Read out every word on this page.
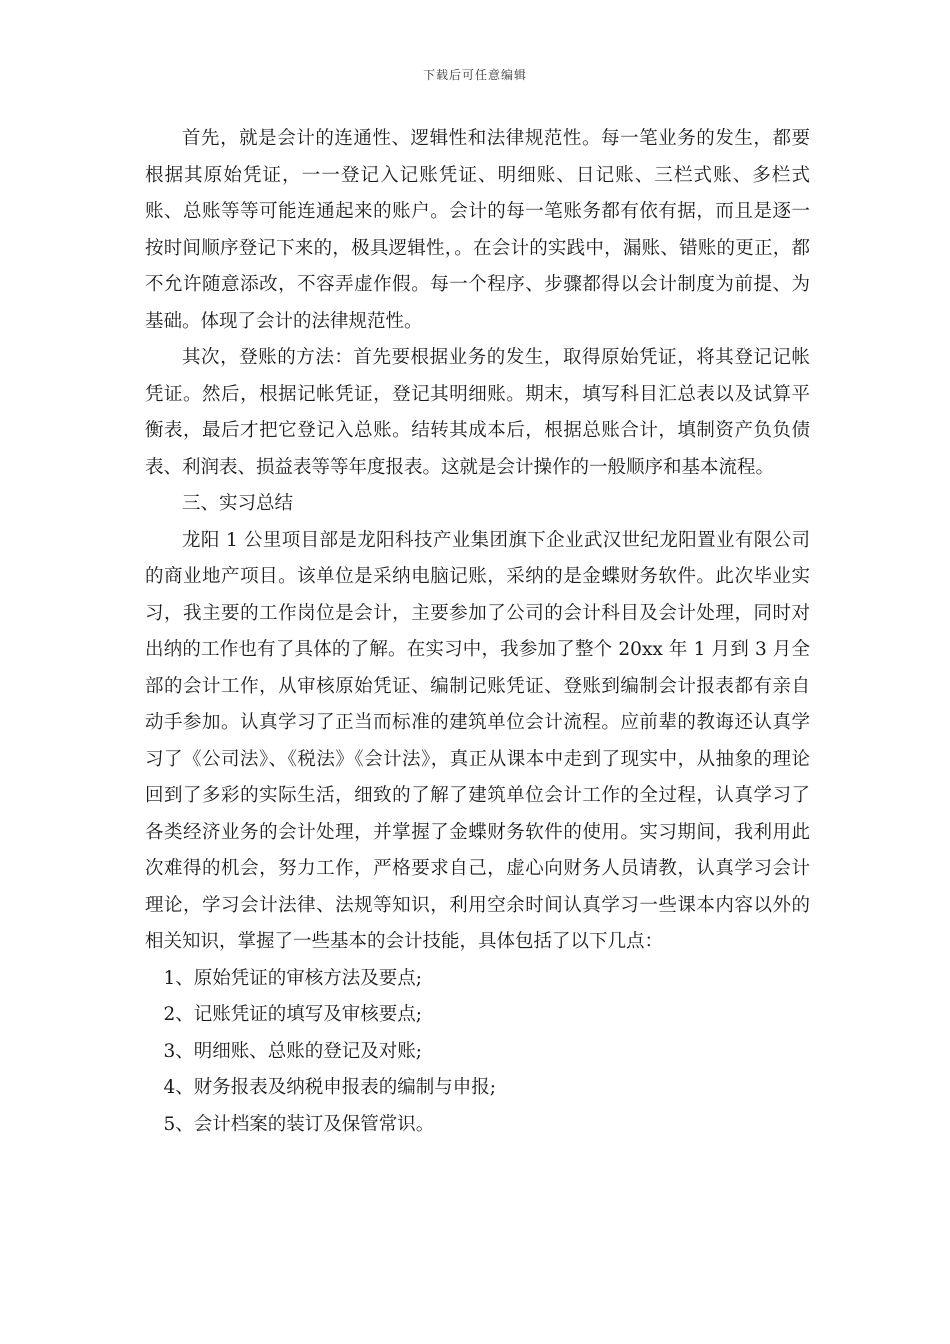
下载后可任意编辑

首先，就是会计的连通性、逻辑性和法律规范性。每一笔业务的发生，都要根据其原始凭证，一一登记入记账凭证、明细账、日记账、三栏式账、多栏式账、总账等等可能连通起来的账户。会计的每一笔账务都有依有据，而且是逐一按时间顺序登记下来的，极具逻辑性，。在会计的实践中，漏账、错账的更正，都不允许随意添改，不容弄虚作假。每一个程序、步骤都得以会计制度为前提、为基础。体现了会计的法律规范性。

其次，登账的方法：首先要根据业务的发生，取得原始凭证，将其登记记帐凭证。然后，根据记帐凭证，登记其明细账。期末，填写科目汇总表以及试算平衡表，最后才把它登记入总账。结转其成本后，根据总账合计，填制资产负负债表、利润表、损益表等等年度报表。这就是会计操作的一般顺序和基本流程。

三、实习总结

龙阳 1 公里项目部是龙阳科技产业集团旗下企业武汉世纪龙阳置业有限公司的商业地产项目。该单位是采纳电脑记账，采纳的是金蝶财务软件。此次毕业实习，我主要的工作岗位是会计，主要参加了公司的会计科目及会计处理，同时对出纳的工作也有了具体的了解。在实习中，我参加了整个 20xx 年 1 月到 3 月全部的会计工作，从审核原始凭证、编制记账凭证、登账到编制会计报表都有亲自动手参加。认真学习了正当而标准的建筑单位会计流程。应前辈的教诲还认真学习了《公司法》、《税法》《会计法》，真正从课本中走到了现实中，从抽象的理论回到了多彩的实际生活，细致的了解了建筑单位会计工作的全过程，认真学习了各类经济业务的会计处理，并掌握了金蝶财务软件的使用。实习期间，我利用此次难得的机会，努力工作，严格要求自己，虚心向财务人员请教，认真学习会计理论，学习会计法律、法规等知识，利用空余时间认真学习一些课本内容以外的相关知识，掌握了一些基本的会计技能，具体包括了以下几点：

1、原始凭证的审核方法及要点;

2、记账凭证的填写及审核要点;

3、明细账、总账的登记及对账;

4、财务报表及纳税申报表的编制与申报;

5、会计档案的装订及保管常识。
